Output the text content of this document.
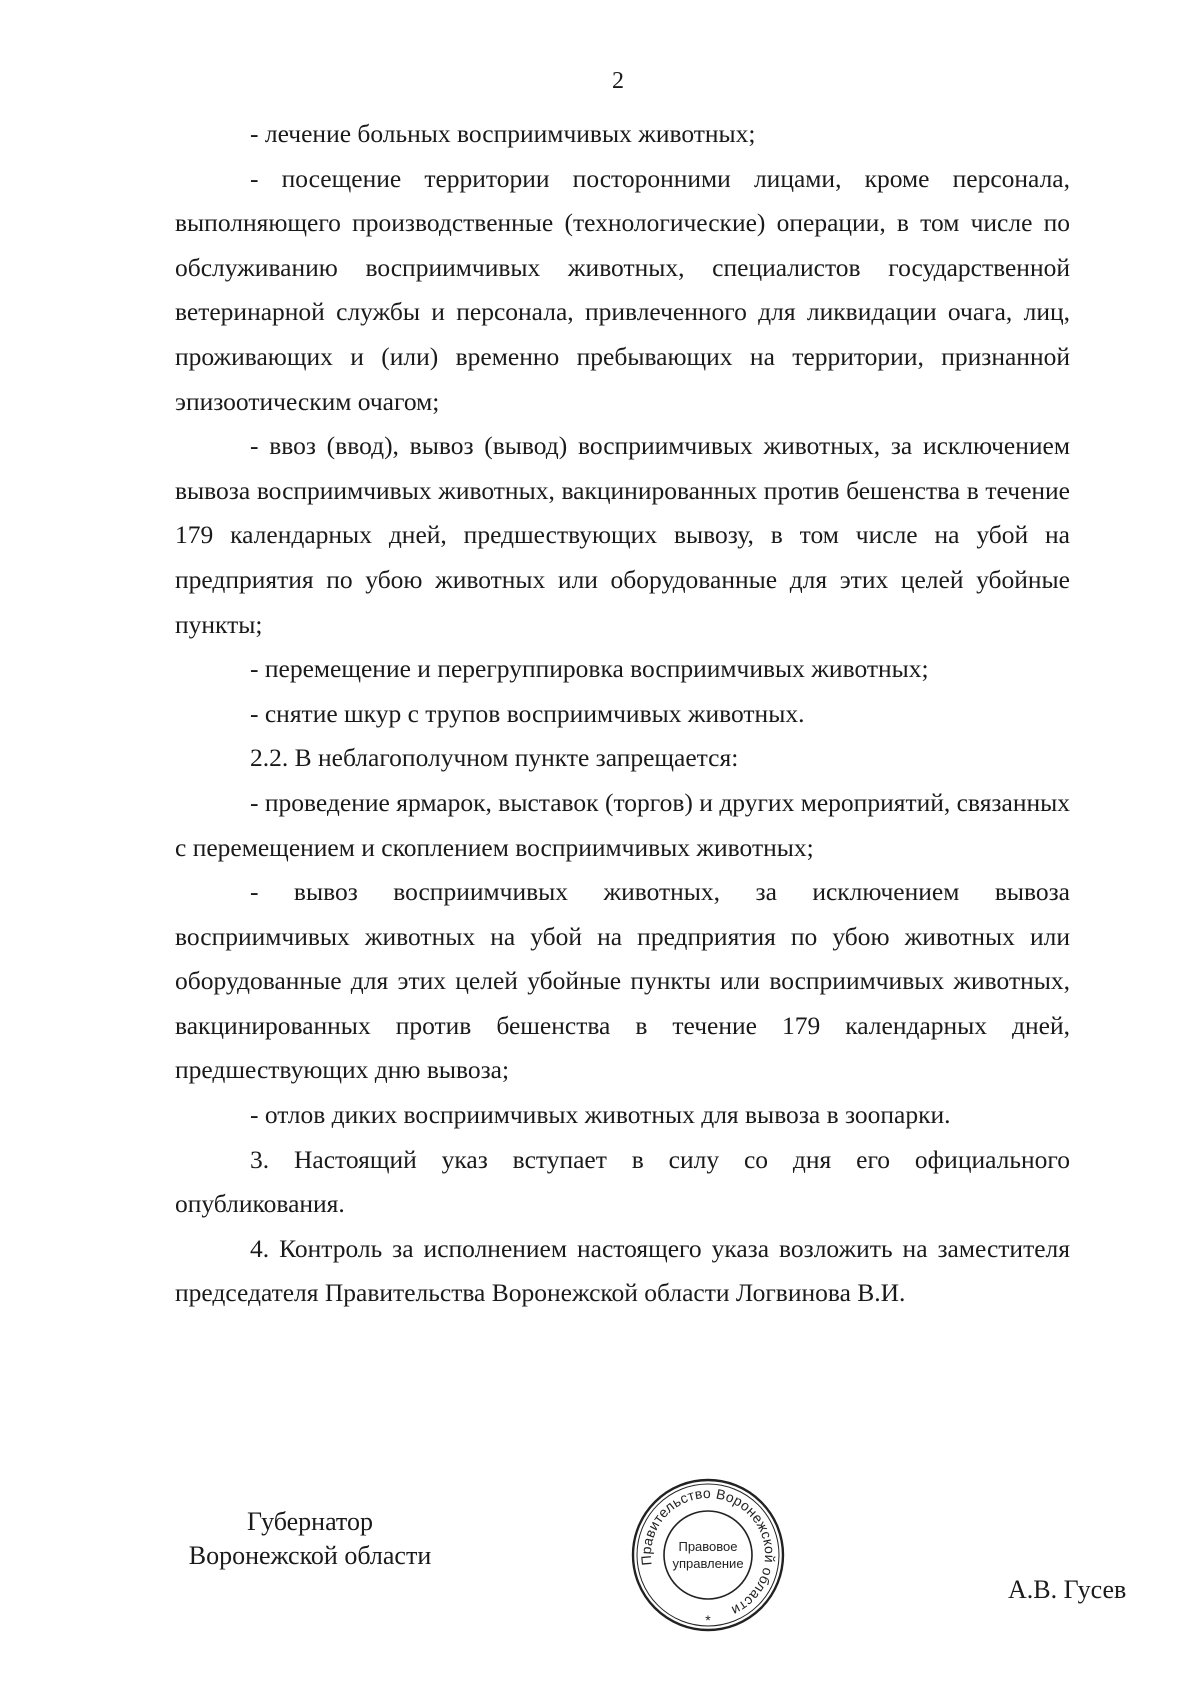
2

- лечение больных восприимчивых животных;

- посещение территории посторонними лицами, кроме персонала, выполняющего производственные (технологические) операции, в том числе по обслуживанию восприимчивых животных, специалистов государственной ветеринарной службы и персонала, привлеченного для ликвидации очага, лиц, проживающих и (или) временно пребывающих на территории, признанной эпизоотическим очагом;

- ввоз (ввод), вывоз (вывод) восприимчивых животных, за исключением вывоза восприимчивых животных, вакцинированных против бешенства в течение 179 календарных дней, предшествующих вывозу, в том числе на убой на предприятия по убою животных или оборудованные для этих целей убойные пункты;

- перемещение и перегруппировка восприимчивых животных;

- снятие шкур с трупов восприимчивых животных.

2.2. В неблагополучном пункте запрещается:

- проведение ярмарок, выставок (торгов) и других мероприятий, связанных с перемещением и скоплением восприимчивых животных;

- вывоз восприимчивых животных, за исключением вывоза восприимчивых животных на убой на предприятия по убою животных или оборудованные для этих целей убойные пункты или восприимчивых животных, вакцинированных против бешенства в течение 179 календарных дней, предшествующих дню вывоза;

- отлов диких восприимчивых животных для вывоза в зоопарки.

3. Настоящий указ вступает в силу со дня его официального опубликования.

4. Контроль за исполнением настоящего указа возложить на заместителя председателя Правительства Воронежской области Логвинова В.И.

Губернатор
Воронежской области
А.В. Гусев
Правительство Воронежской области
Правовое
управление
*
